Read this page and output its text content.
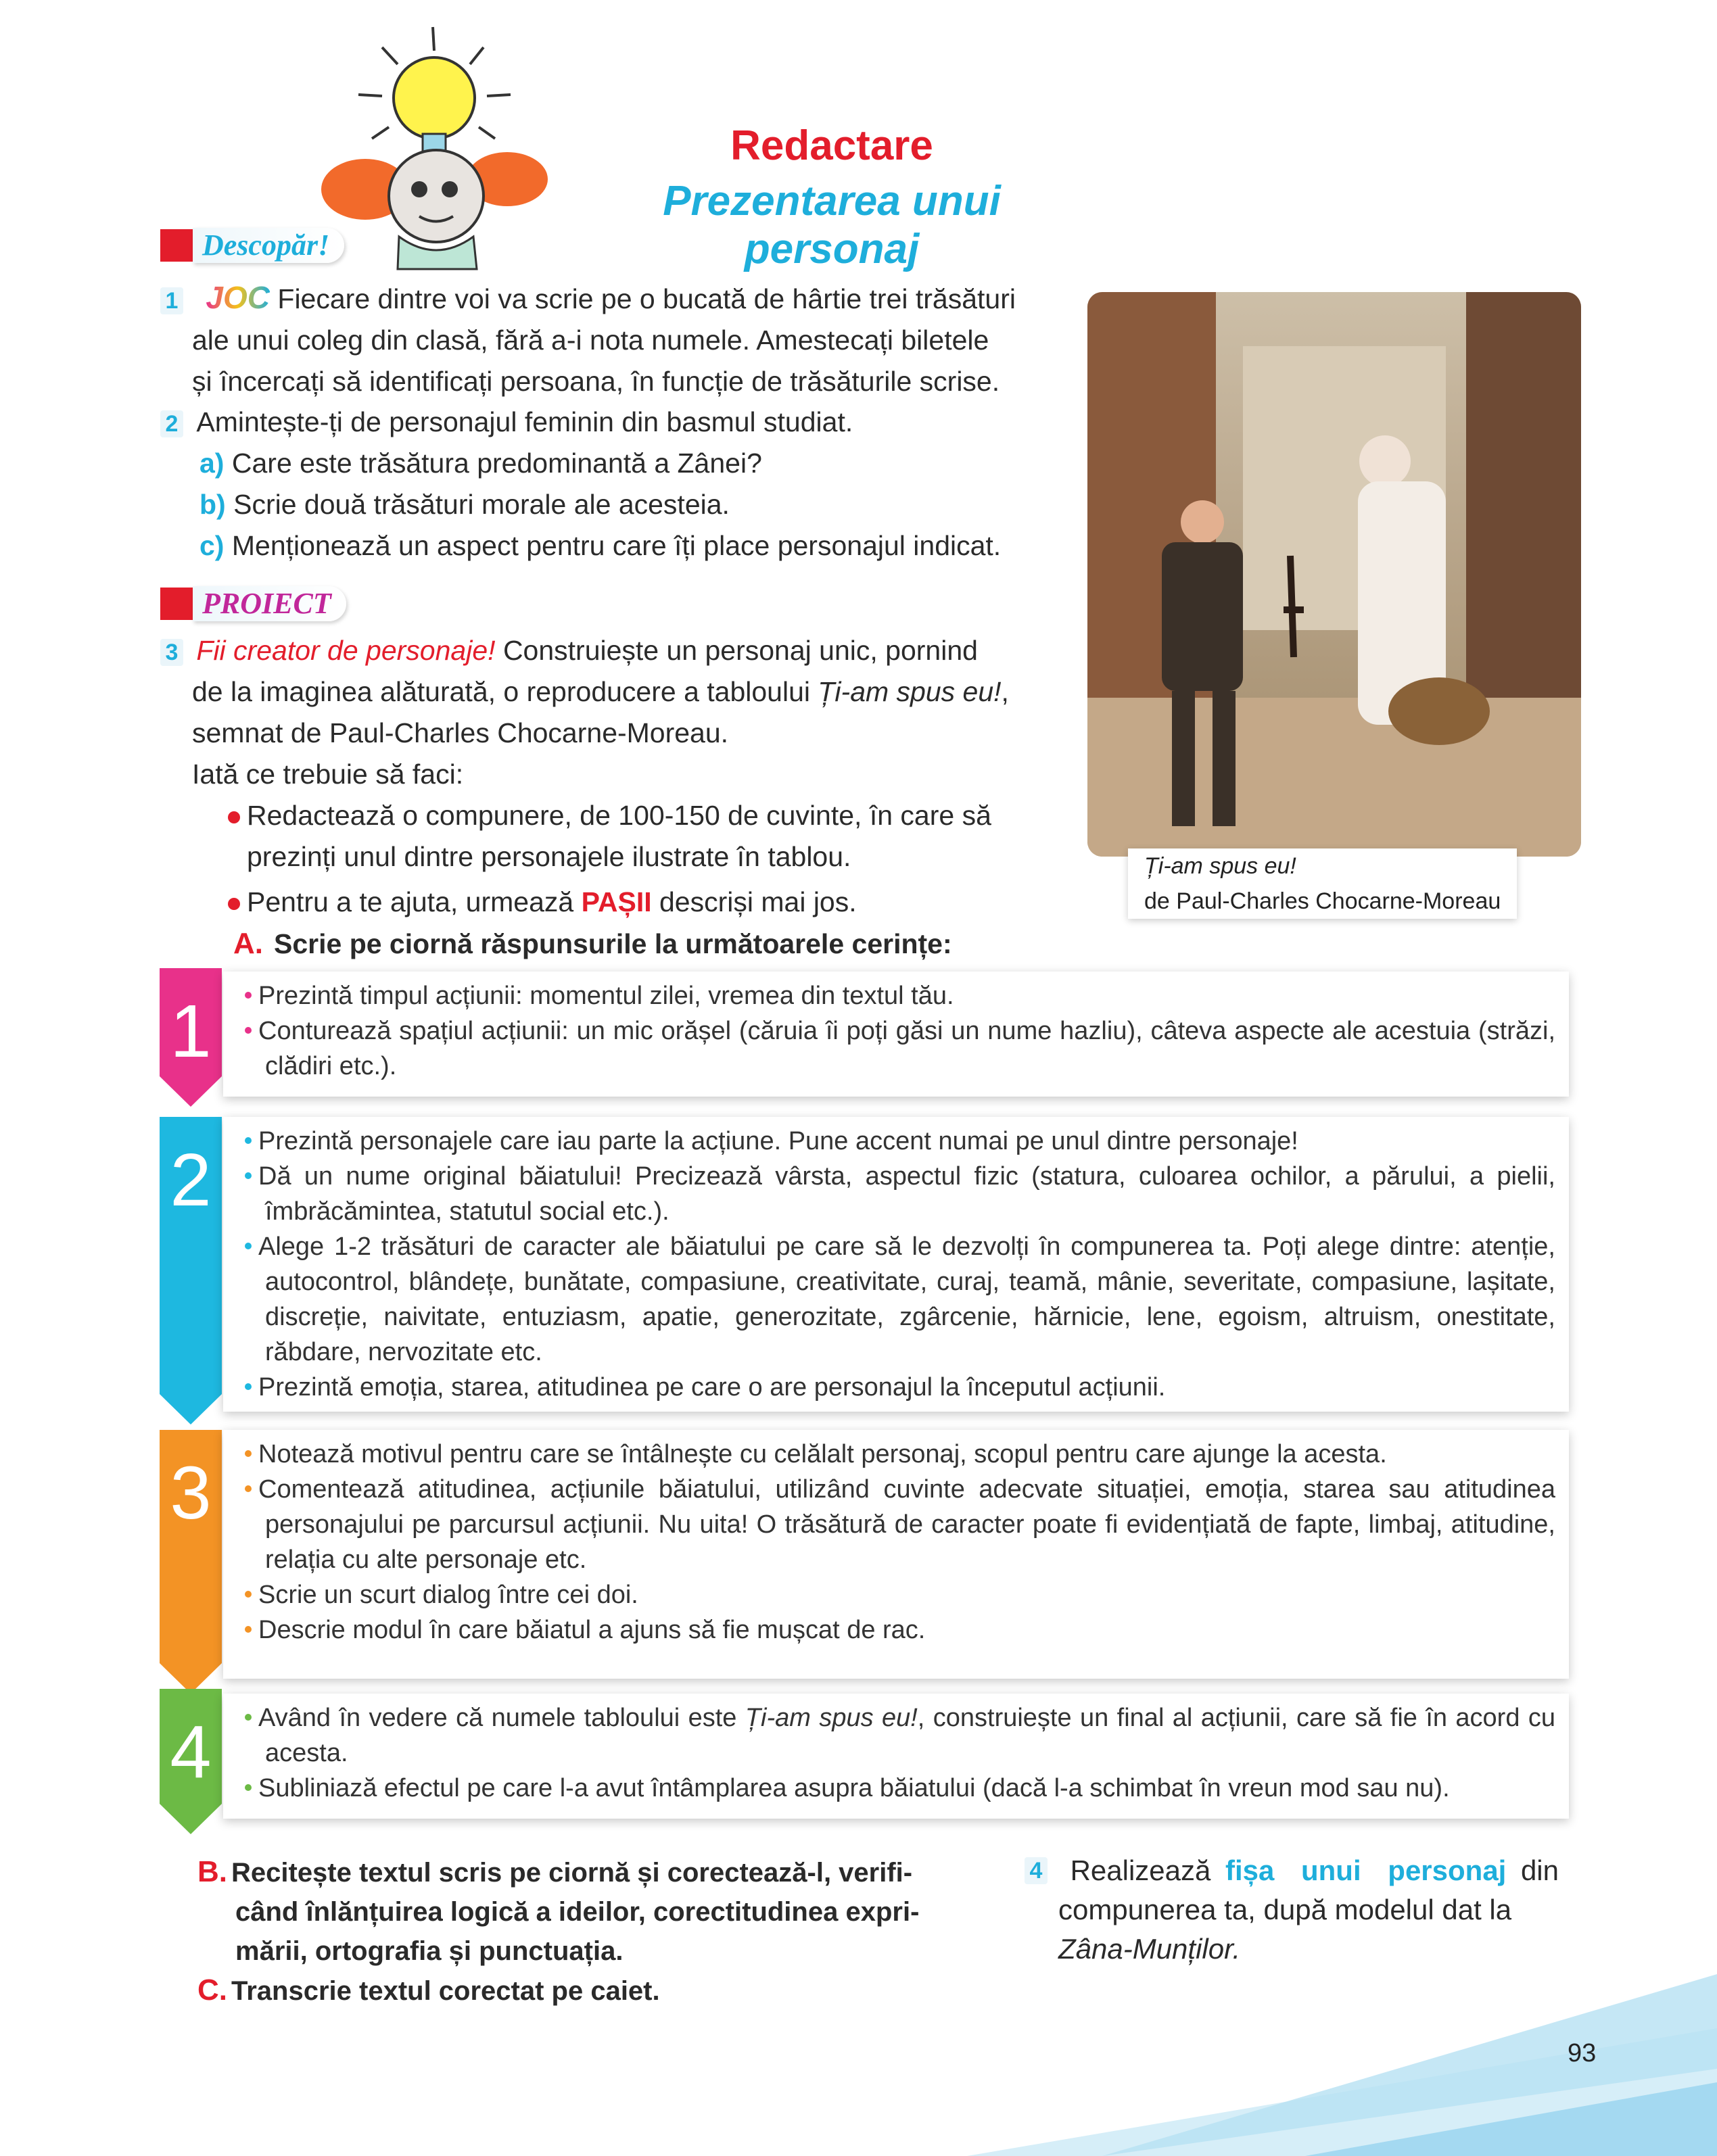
Redactare
Prezentarea unui personaj
Descopăr!
1 JOC Fiecare dintre voi va scrie pe o bucată de hârtie trei trăsături
ale unui coleg din clasă, fără a-i nota numele. Amestecați biletele
și încercați să identificați persoana, în funcție de trăsăturile scrise.
2 Amintește-ți de personajul feminin din basmul studiat.
a) Care este trăsătura predominantă a Zânei?
b) Scrie două trăsături morale ale acesteia.
c) Menționează un aspect pentru care îți place personajul indicat.
PROIECT
3 Fii creator de personaje! Construiește un personaj unic, pornind
de la imaginea alăturată, o reproducere a tabloului Ți-am spus eu!,
semnat de Paul-Charles Chocarne-Moreau.
Iată ce trebuie să faci:
Redactează o compunere, de 100-150 de cuvinte, în care să
prezinți unul dintre personajele ilustrate în tablou.
Pentru a te ajuta, urmează PAȘII descriși mai jos.
A. Scrie pe ciornă răspunsurile la următoarele cerințe:
Ți-am spus eu!
de Paul-Charles Chocarne-Moreau
1	Prezintă timpul acțiunii: momentul zilei, vremea din textul tău.
Conturează spațiul acțiunii: un mic orășel (căruia îi poți găsi un nume hazliu), câteva aspecte ale acestuia (străzi, clădiri etc.).
2	Prezintă personajele care iau parte la acțiune. Pune accent numai pe unul dintre personaje!
Dă un nume original băiatului! Precizează vârsta, aspectul fizic (statura, culoarea ochilor, a părului, a pielii, îmbrăcămintea, statutul social etc.).
Alege 1-2 trăsături de caracter ale băiatului pe care să le dezvolți în compunerea ta. Poți alege dintre: atenție, autocontrol, blândețe, bunătate, compasiune, creativitate, curaj, teamă, mânie, severitate, compasiune, lașitate, discreție, naivitate, entuziasm, apatie, generozitate, zgârcenie, hărnicie, lene, egoism, altruism, onestitate, răbdare, nervozitate etc.
Prezintă emoția, starea, atitudinea pe care o are personajul la începutul acțiunii.
3	Notează motivul pentru care se întâlnește cu celălalt personaj, scopul pentru care ajunge la acesta.
Comentează atitudinea, acțiunile băiatului, utilizând cuvinte adecvate situației, emoția, starea sau atitudinea personajului pe parcursul acțiunii. Nu uita! O trăsătură de caracter poate fi evidențiată de fapte, limbaj, atitudine, relația cu alte personaje etc.
Scrie un scurt dialog între cei doi.
Descrie modul în care băiatul a ajuns să fie mușcat de rac.
4	Având în vedere că numele tabloului este Ți-am spus eu!, construiește un final al acțiunii, care să fie în acord cu acesta.
Subliniază efectul pe care l-a avut întâmplarea asupra băiatului (dacă l-a schimbat în vreun mod sau nu).
B. Recitește textul scris pe ciornă și corectează-l, verifi-
când înlănțuirea logică a ideilor, corectitudinea expri-
mării, ortografia și punctuația.
C. Transcrie textul corectat pe caiet.
4 Realizează fișa unui personaj din
compunerea ta, după modelul dat la
Zâna-Munților.
93
